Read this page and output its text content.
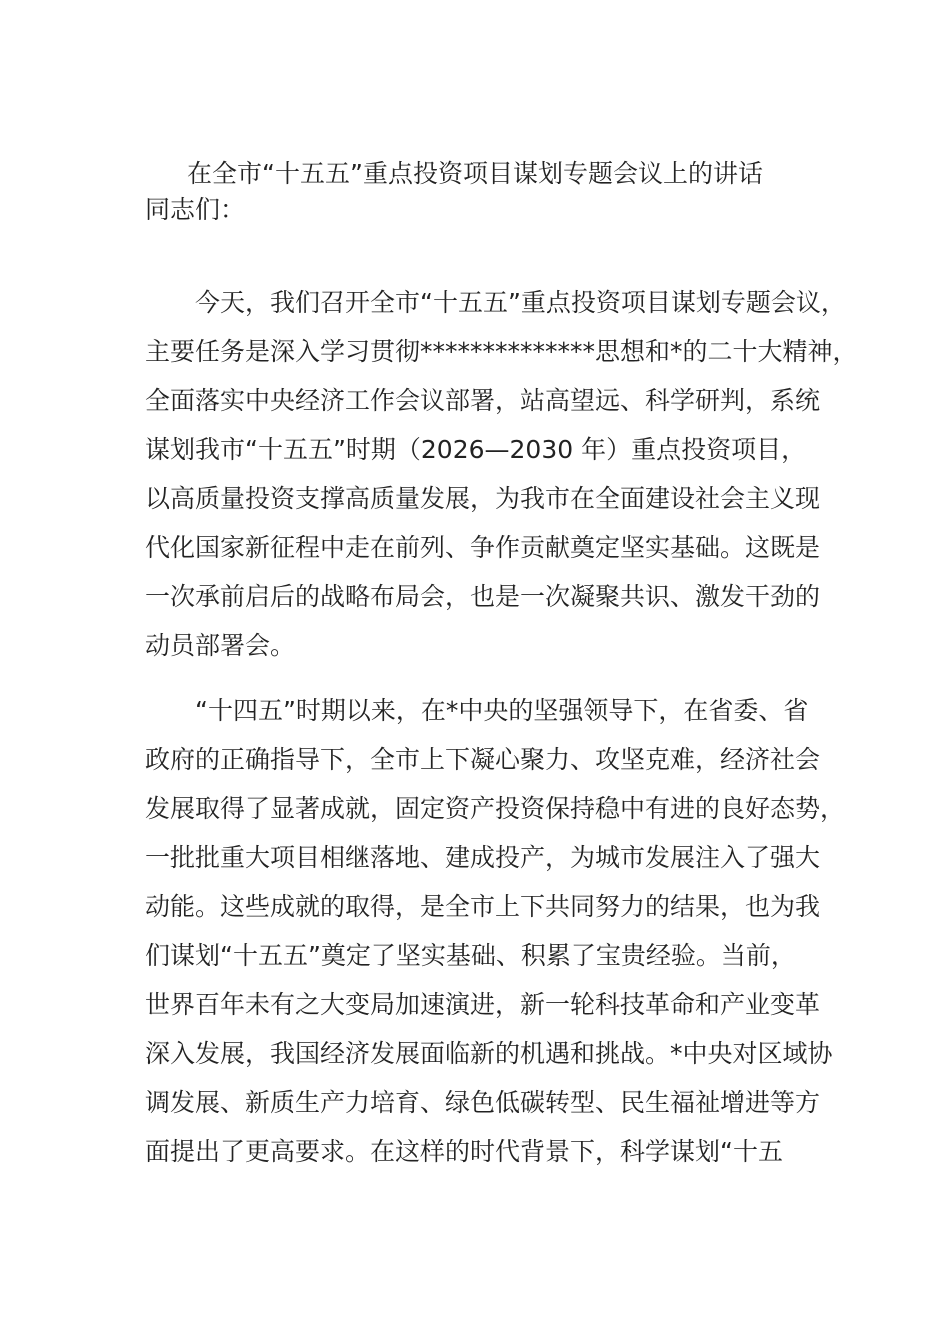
在全市“十五五”重点投资项目谋划专题会议上的讲话
同志们：
　　今天，我们召开全市“十五五”重点投资项目谋划专题会议，
主要任务是深入学习贯彻**************思想和*的二十大精神，
全面落实中央经济工作会议部署，站高望远、科学研判，系统
谋划我市“十五五”时期（2026—2030 年）重点投资项目，
以高质量投资支撑高质量发展，为我市在全面建设社会主义现
代化国家新征程中走在前列、争作贡献奠定坚实基础。这既是
一次承前启后的战略布局会，也是一次凝聚共识、激发干劲的
动员部署会。
　　“十四五”时期以来，在*中央的坚强领导下，在省委、省
政府的正确指导下，全市上下凝心聚力、攻坚克难，经济社会
发展取得了显著成就，固定资产投资保持稳中有进的良好态势，
一批批重大项目相继落地、建成投产，为城市发展注入了强大
动能。这些成就的取得，是全市上下共同努力的结果，也为我
们谋划“十五五”奠定了坚实基础、积累了宝贵经验。当前，
世界百年未有之大变局加速演进，新一轮科技革命和产业变革
深入发展，我国经济发展面临新的机遇和挑战。*中央对区域协
调发展、新质生产力培育、绿色低碳转型、民生福祉增进等方
面提出了更高要求。在这样的时代背景下，科学谋划“十五
